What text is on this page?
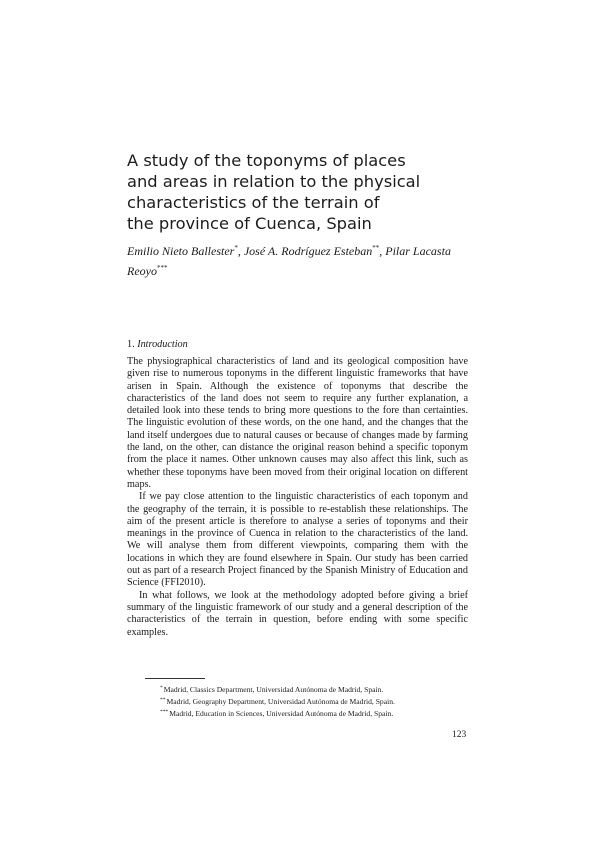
A study of the toponyms of places
and areas in relation to the physical
characteristics of the terrain of
the province of Cuenca, Spain
Emilio Nieto Ballester*, José A. Rodríguez Esteban**, Pilar Lacasta Reoyo***
1. Introduction

The physiographical characteristics of land and its geological composition have given rise to numerous toponyms in the different linguistic frameworks that have arisen in Spain. Although the existence of toponyms that describe the characteristics of the land does not seem to require any further explanation, a detailed look into these tends to bring more questions to the fore than certainties. The linguistic evolution of these words, on the one hand, and the changes that the land itself undergoes due to natural causes or because of changes made by farming the land, on the other, can distance the original reason behind a specific toponym from the place it names. Other unknown causes may also affect this link, such as whether these toponyms have been moved from their original location on different maps.

If we pay close attention to the linguistic characteristics of each toponym and the geography of the terrain, it is possible to re-establish these relationships. The aim of the present article is therefore to analyse a series of toponyms and their meanings in the province of Cuenca in relation to the characteristics of the land. We will analyse them from different viewpoints, comparing them with the locations in which they are found elsewhere in Spain. Our study has been carried out as part of a research Project financed by the Spanish Ministry of Education and Science (FFI2010).

In what follows, we look at the methodology adopted before giving a brief summary of the linguistic framework of our study and a general description of the characteristics of the terrain in question, before ending with some specific examples.

*Madrid, Classics Department, Universidad Autónoma de Madrid, Spain.
**Madrid, Geography Department, Universidad Autónoma de Madrid, Spain.
***Madrid, Education in Sciences, Universidad Autónoma de Madrid, Spain.
123
